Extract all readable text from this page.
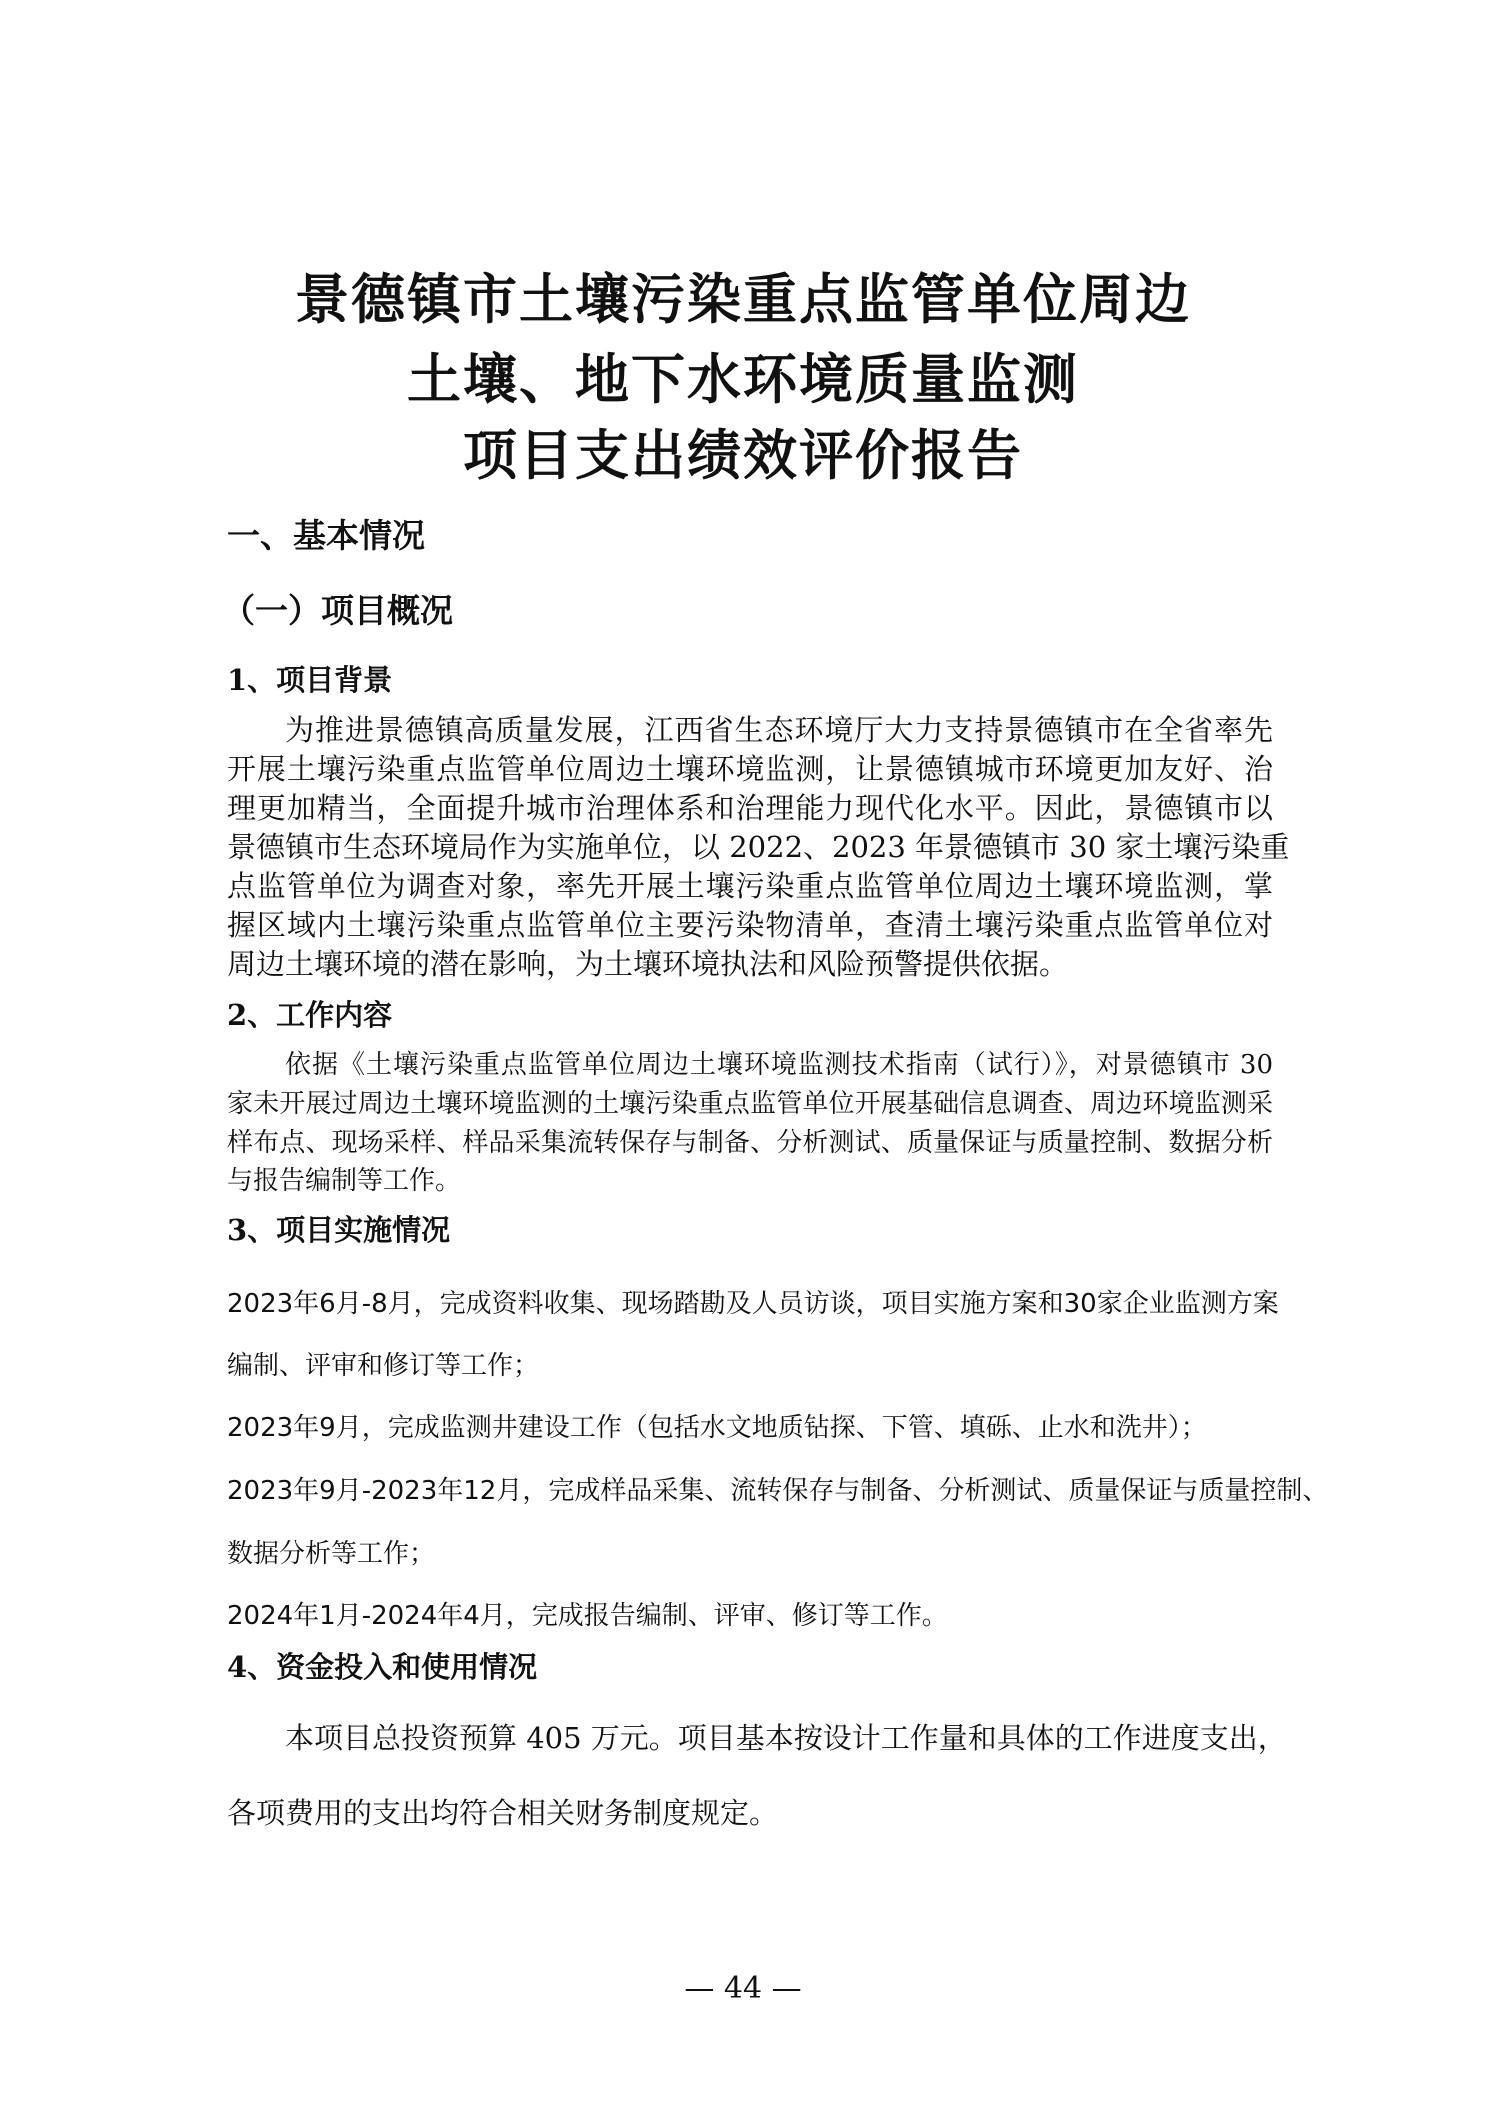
景德镇市土壤污染重点监管单位周边
土壤、地下水环境质量监测
项目支出绩效评价报告
一、基本情况
（一）项目概况
1、项目背景
为推进景德镇高质量发展，江西省生态环境厅大力支持景德镇市在全省率先
开展土壤污染重点监管单位周边土壤环境监测，让景德镇城市环境更加友好、治
理更加精当，全面提升城市治理体系和治理能力现代化水平。因此，景德镇市以
景德镇市生态环境局作为实施单位，以 2022、2023 年景德镇市 30 家土壤污染重
点监管单位为调查对象，率先开展土壤污染重点监管单位周边土壤环境监测，掌
握区域内土壤污染重点监管单位主要污染物清单，查清土壤污染重点监管单位对
周边土壤环境的潜在影响，为土壤环境执法和风险预警提供依据。
2、工作内容
依据《土壤污染重点监管单位周边土壤环境监测技术指南（试行）》，对景德镇市 30
家未开展过周边土壤环境监测的土壤污染重点监管单位开展基础信息调查、周边环境监测采
样布点、现场采样、样品采集流转保存与制备、分析测试、质量保证与质量控制、数据分析
与报告编制等工作。
3、项目实施情况
2023年6月-8月，完成资料收集、现场踏勘及人员访谈，项目实施方案和30家企业监测方案
编制、评审和修订等工作；
2023年9月，完成监测井建设工作（包括水文地质钻探、下管、填砾、止水和洗井）；
2023年9月-2023年12月，完成样品采集、流转保存与制备、分析测试、质量保证与质量控制、
数据分析等工作；
2024年1月-2024年4月，完成报告编制、评审、修订等工作。
4、资金投入和使用情况
本项目总投资预算 405 万元。项目基本按设计工作量和具体的工作进度支出，
各项费用的支出均符合相关财务制度规定。
— 44 —
